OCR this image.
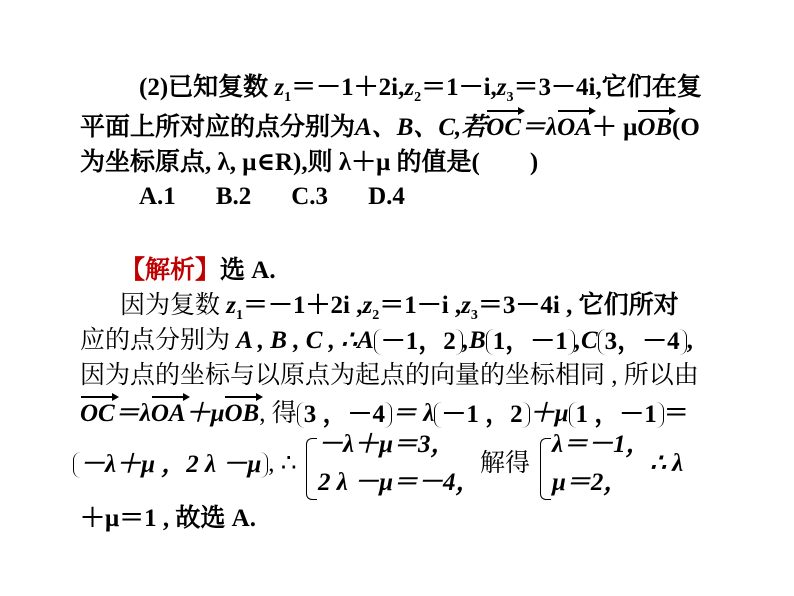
(2)已知复数 $z_1=-1+2i,z_2=1-i,z_3=3-4i$,它们在复
平面上所对应的点分别为A、B、C,若OC＝λOA＋ μOB(O
为坐标原点, λ, μ∈R),则 λ＋μ 的值是(　　)
A.1 B.2 C.3 D.4
【解析】选 A.
因为复数 $z_1=-1+2i$ $,z_2=1-i$ $,z_3=3-4i$ , 它们所对
应的点分别为 A , B , C , ∴A －1，2 ,B 1，－1 ,C 3，－4 ,
因为点的坐标与以原点为起点的向量的坐标相同 , 所以由
OC＝λOA＋μOB, 得 3 ，－4 ＝ λ －1 ，2 ＋μ 1 ，－1 ＝
－λ＋μ ，2 λ －μ , ∴
－λ＋μ＝3，
2 λ －μ＝－4，
解得
λ＝－1，
μ＝2，
∴ λ
＋μ＝1 , 故选 A.
